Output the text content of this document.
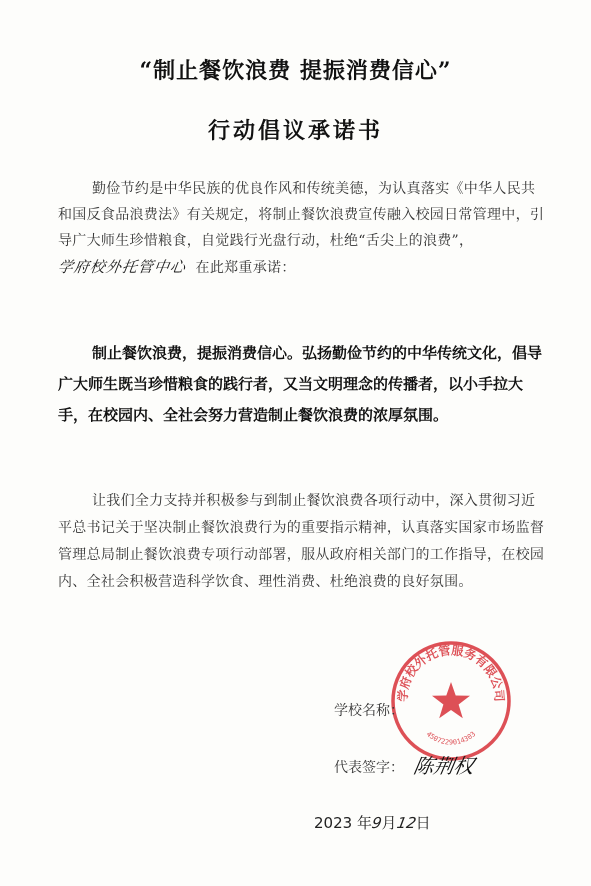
“制止餐饮浪费 提振消费信心”
行动倡议承诺书
勤俭节约是中华民族的优良作风和传统美德，为认真落实《中华人民共和国反食品浪费法》有关规定，将制止餐饮浪费宣传融入校园日常管理中，引导广大师生珍惜粮食，自觉践行光盘行动，杜绝“舌尖上的浪费”，学府校外托管中心 在此郑重承诺：
制止餐饮浪费，提振消费信心。弘扬勤俭节约的中华传统文化，倡导广大师生既当珍惜粮食的践行者，又当文明理念的传播者，以小手拉大手，在校园内、全社会努力营造制止餐饮浪费的浓厚氛围。
让我们全力支持并积极参与到制止餐饮浪费各项行动中，深入贯彻习近平总书记关于坚决制止餐饮浪费行为的重要指示精神，认真落实国家市场监督管理总局制止餐饮浪费专项行动部署，服从政府相关部门的工作指导，在校园内、全社会积极营造科学饮食、理性消费、杜绝浪费的良好氛围。
学府校外托管服务有限公司
4507229014303
学校名称：
代表签字： 陈荆权
2023 年9月12日
